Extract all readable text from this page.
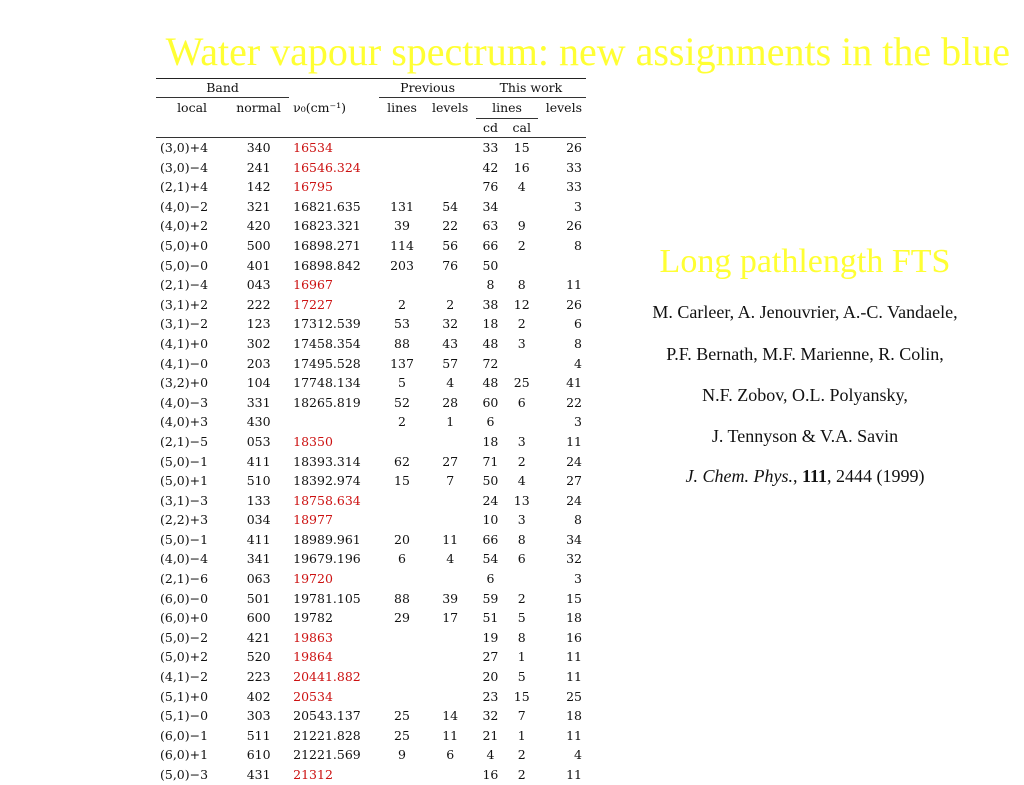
Water vapour spectrum: new assignments in the blue
Band			Previous		This work		
local	normal	ν₀(cm⁻¹)	lines	levels	lines		levels
					cd	cal	
(3,0)+4	340	16534			33	15	26
(3,0)−4	241	16546.324			42	16	33
(2,1)+4	142	16795			76	4	33
(4,0)−2	321	16821.635	131	54	34		3
(4,0)+2	420	16823.321	39	22	63	9	26
(5,0)+0	500	16898.271	114	56	66	2	8
(5,0)−0	401	16898.842	203	76	50		
(2,1)−4	043	16967			8	8	11
(3,1)+2	222	17227	2	2	38	12	26
(3,1)−2	123	17312.539	53	32	18	2	6
(4,1)+0	302	17458.354	88	43	48	3	8
(4,1)−0	203	17495.528	137	57	72		4
(3,2)+0	104	17748.134	5	4	48	25	41
(4,0)−3	331	18265.819	52	28	60	6	22
(4,0)+3	430		2	1	6		3
(2,1)−5	053	18350			18	3	11
(5,0)−1	411	18393.314	62	27	71	2	24
(5,0)+1	510	18392.974	15	7	50	4	27
(3,1)−3	133	18758.634			24	13	24
(2,2)+3	034	18977			10	3	8
(5,0)−1	411	18989.961	20	11	66	8	34
(4,0)−4	341	19679.196	6	4	54	6	32
(2,1)−6	063	19720			6		3
(6,0)−0	501	19781.105	88	39	59	2	15
(6,0)+0	600	19782	29	17	51	5	18
(5,0)−2	421	19863			19	8	16
(5,0)+2	520	19864			27	1	11
(4,1)−2	223	20441.882			20	5	11
(5,1)+0	402	20534			23	15	25
(5,1)−0	303	20543.137	25	14	32	7	18
(6,0)−1	511	21221.828	25	11	21	1	11
(6,0)+1	610	21221.569	9	6	4	2	4
(5,0)−3	431	21312			16	2	11
Long pathlength FTS
M. Carleer, A. Jenouvrier, A.-C. Vandaele,
P.F. Bernath, M.F. Marienne, R. Colin,
N.F. Zobov, O.L. Polyansky,
J. Tennyson & V.A. Savin
J. Chem. Phys., 111, 2444 (1999)
